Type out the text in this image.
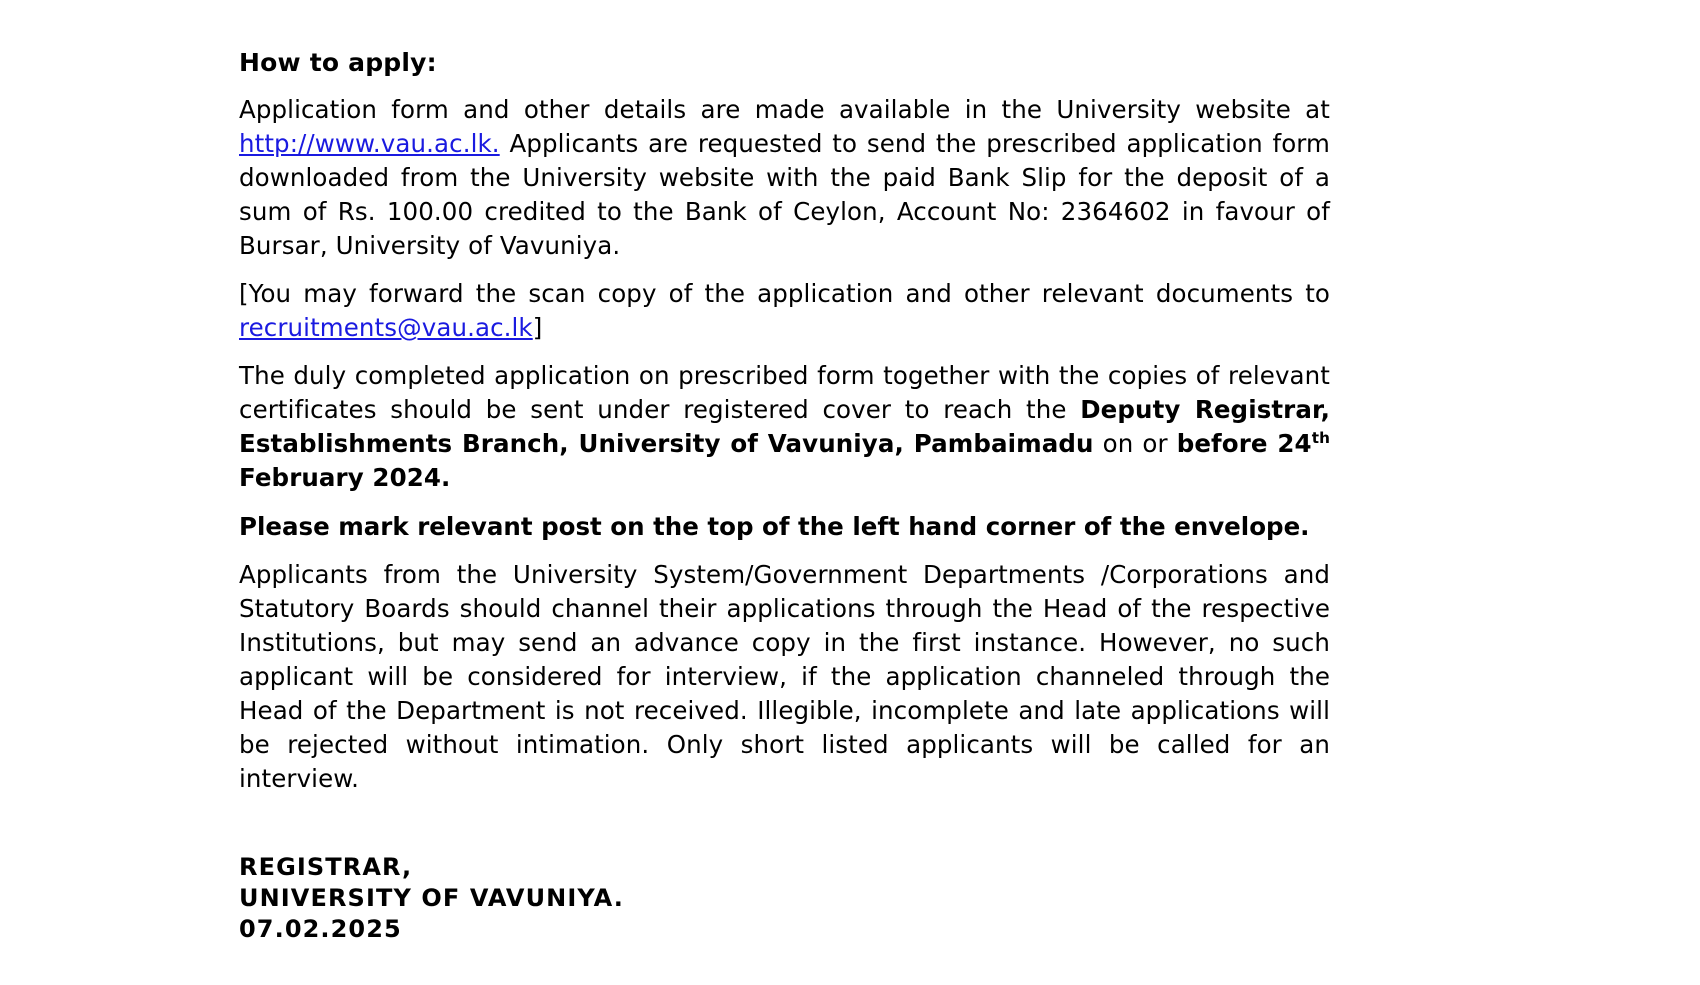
How to apply:

Application form and other details are made available in the University website at http://www.vau.ac.lk. Applicants are requested to send the prescribed application form downloaded from the University website with the paid Bank Slip for the deposit of a sum of Rs. 100.00 credited to the Bank of Ceylon, Account No: 2364602 in favour of Bursar, University of Vavuniya.

[You may forward the scan copy of the application and other relevant documents to recruitments@vau.ac.lk]

The duly completed application on prescribed form together with the copies of relevant certificates should be sent under registered cover to reach the Deputy Registrar, Establishments Branch, University of Vavuniya, Pambaimadu on or before 24th February 2024.

Please mark relevant post on the top of the left hand corner of the envelope.

Applicants from the University System/Government Departments /Corporations and Statutory Boards should channel their applications through the Head of the respective Institutions, but may send an advance copy in the first instance. However, no such applicant will be considered for interview, if the application channeled through the Head of the Department is not received. Illegible, incomplete and late applications will be rejected without intimation. Only short listed applicants will be called for an interview.

REGISTRAR,
UNIVERSITY OF VAVUNIYA.
07.02.2025
